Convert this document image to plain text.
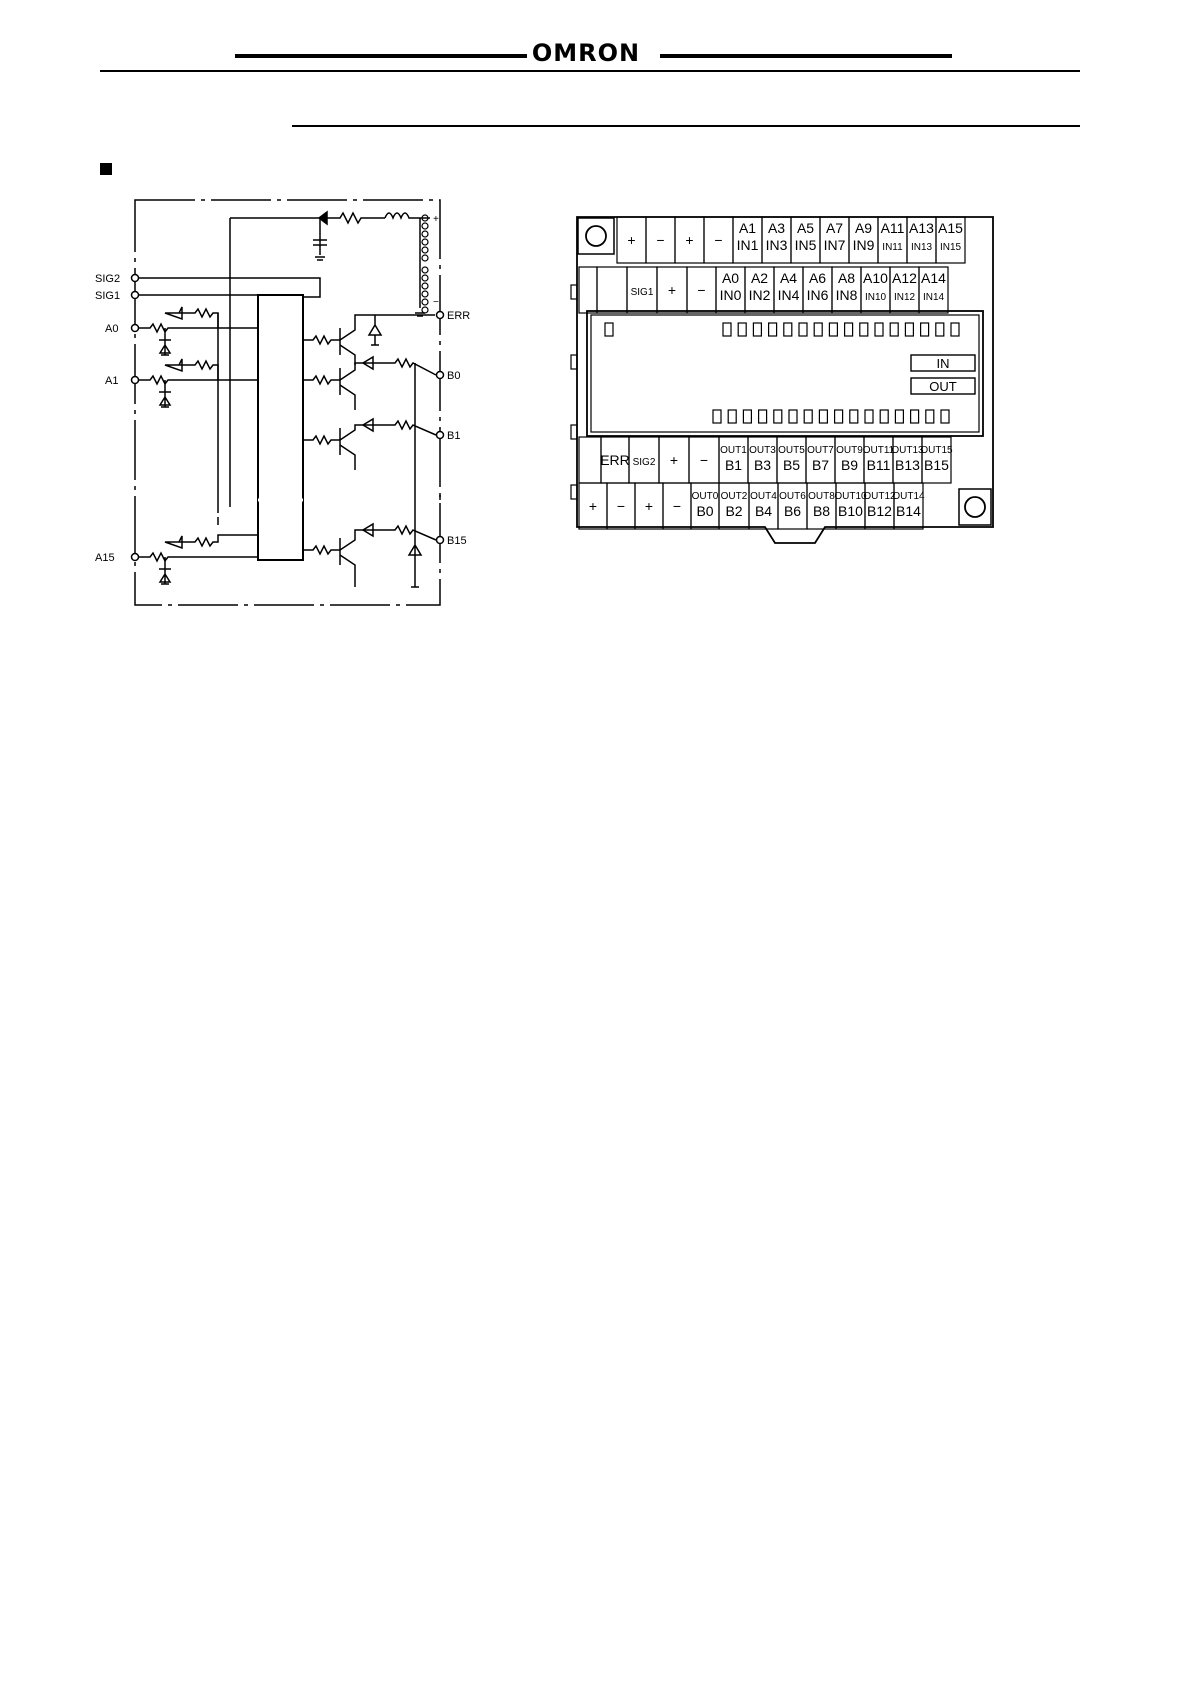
OMRON
+
−
SIG2
SIG1
A0
A1
A15
ERR
B0
B1
B15
IN
OUT
+ − + −
A1
IN1
A3
IN3
A5
IN5
A7
IN7
A9
IN9
A11
IN11
A13
IN13
A15
IN15
SIG1 + −
A0
IN0
A2
IN2
A4
IN4
A6
IN6
A8
IN8
A10
IN10
A12
IN12
A14
IN14
ERR SIG2 + −
OUT1
B1
OUT3
B3
OUT5
B5
OUT7
B7
OUT9
B9
OUT11
B11
OUT13
B13
OUT15
B15
+ − + −
OUT0
B0
OUT2
B2
OUT4
B4
OUT6
B6
OUT8
B8
OUT10
B10
OUT12
B12
OUT14
B14
